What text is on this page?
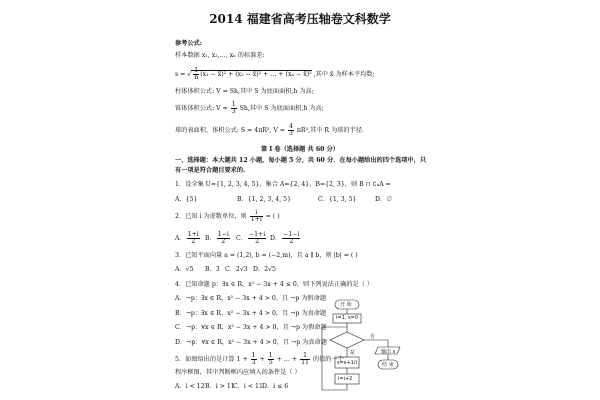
2014 福建省高考压轴卷文科数学
参考公式:
样本数据 x₁, x₂,…, xₙ 的标准差:
s = √ $\frac{1}{n} (x_1$ − x̄)² + (x₂ − x̄)² + … + (xₙ − x̄)² ,其中 x̄ 为样本平均数;
柱体体积公式: V = Sh,其中 S 为底面面积,h 为高;
锥体体积公式: $V = \frac{1}{3} Sh$,其中 S 为底面面积,h 为高;
球的表面积、体积公式: S = 4πR², $V = \frac{4}{3} \pi R^3$,其中 R 为球的半径.
第 I 卷（选择题 共 60 分）
一、选择题：本大题共 12 小题，每小题 5 分，共 60 分．在每小题给出的四个选项中，只
有一项是符合题目要求的.
1．设全集 U={1, 2, 3, 4, 5}，集合 A={2, 4}，B={2, 3}，则 B ∩ ∁ᵤA =
A．{5}	B．{1, 2, 3, 4, 5}	C．{1, 3, 5}	D．∅
2．已知 i 为虚数单位，则 $\frac{i}{1+i}$ = ( )
A． $\frac{1+i}{2}$ B． $\frac{1-i}{2}$ C． $\frac{-1+i}{2}$ D． $\frac{-1-i}{2}$
3．已知平面向量 a = (1,2), b = (−2,m)，且 a ∥ b，则 |b| = ( )
A．√5 B．3 C．2√3 D．2√5
4．已知命题 p：∃x ∈ R，x² − 3x + 4 ≤ 0，则下列说法正确的是（ ）
A．¬p：∃x ∈ R，x² − 3x + 4 > 0，且 ¬p 为假命题
B．¬p：∃x ∈ R，x² − 3x + 4 > 0，且 ¬p 为真命题
C．¬p：∀x ∈ R，x² − 3x + 4 > 0，且 ¬p 为假命题
D．¬p：∀x ∈ R，x² − 3x + 4 > 0，且 ¬p 为真命题
5．如图给出的是计算 $1 + \frac{1}{3} + \frac{1}{5}$ + … + $\frac{1}{11}$ 的值的一个
程序框图，其中判断框内应填入的条件是（ ）
A．i < 12 B．i > 11
C．i < 11 D．i ≤ 6
开 始
i=1, s=0
是
否
输出 s
结 束
s=s+1/i
i=i+2
